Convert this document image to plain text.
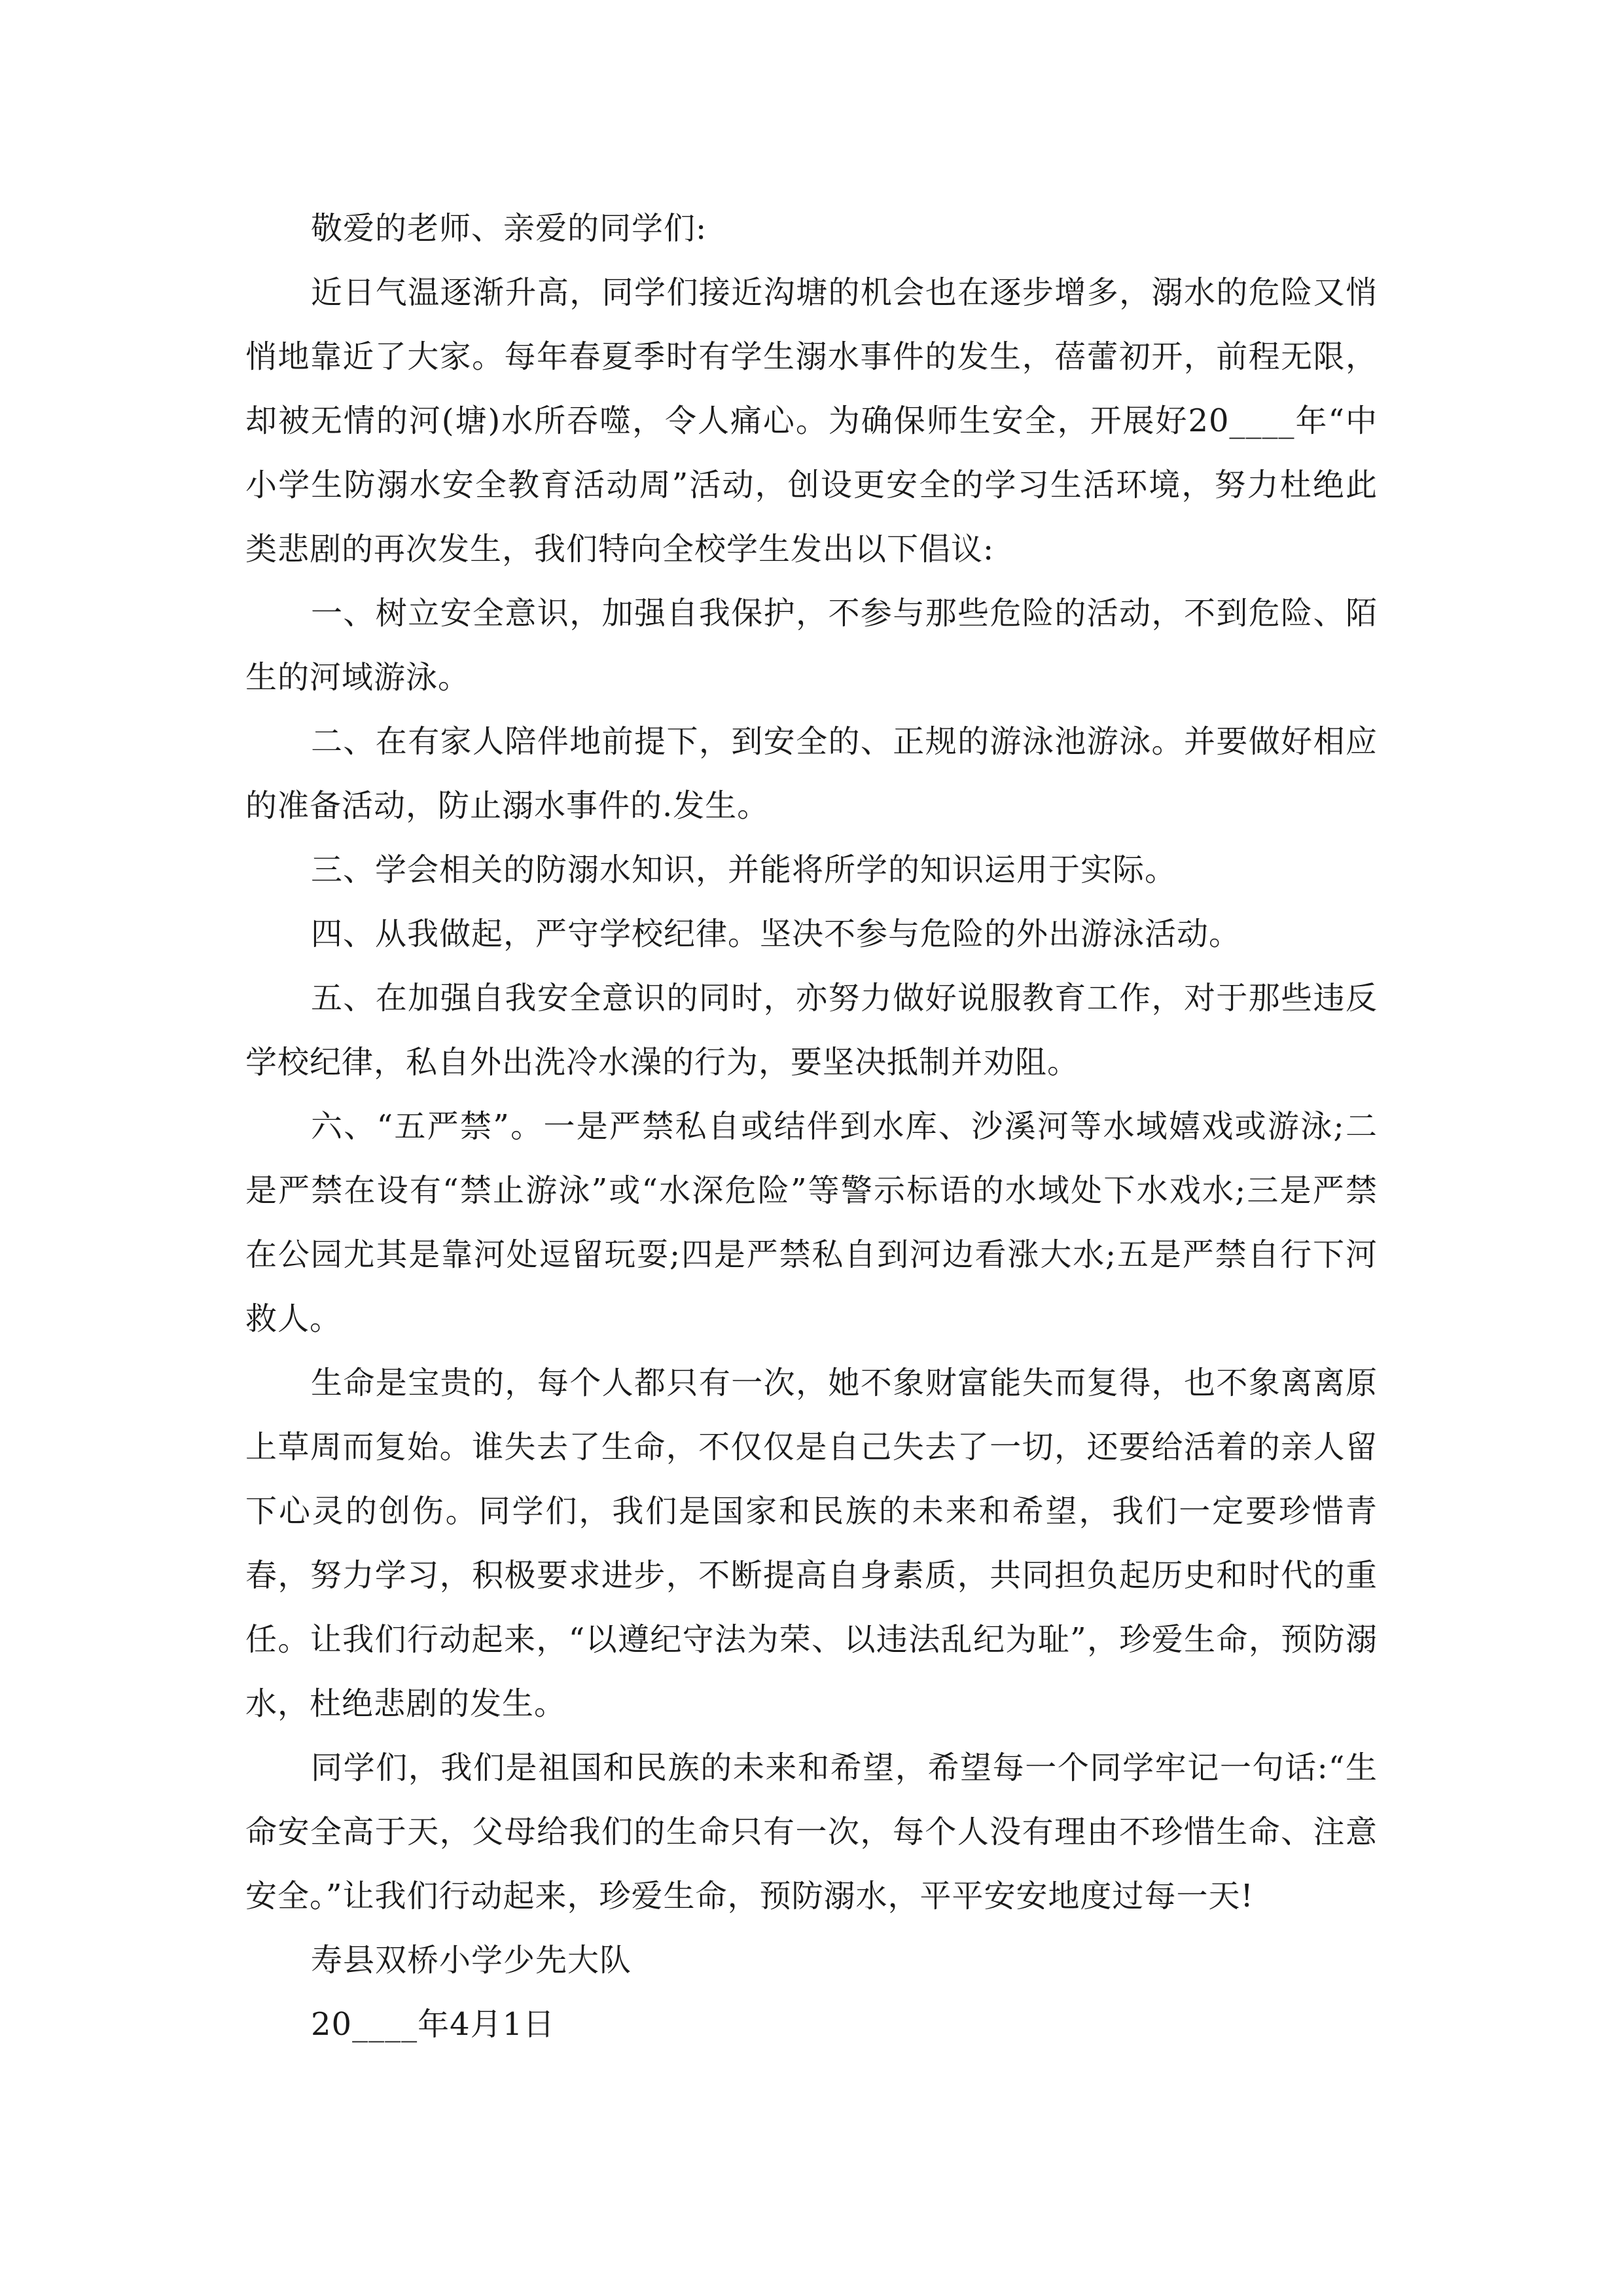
敬爱的老师、亲爱的同学们:

近日气温逐渐升高，同学们接近沟塘的机会也在逐步增多，溺水的危险又悄悄地靠近了大家。每年春夏季时有学生溺水事件的发生，蓓蕾初开，前程无限，却被无情的河(塘)水所吞噬，令人痛心。为确保师生安全，开展好20____年“中小学生防溺水安全教育活动周”活动，创设更安全的学习生活环境，努力杜绝此类悲剧的再次发生，我们特向全校学生发出以下倡议:

一、树立安全意识，加强自我保护，不参与那些危险的活动，不到危险、陌生的河域游泳。

二、在有家人陪伴地前提下，到安全的、正规的游泳池游泳。并要做好相应的准备活动，防止溺水事件的.发生。

三、学会相关的防溺水知识，并能将所学的知识运用于实际。

四、从我做起，严守学校纪律。坚决不参与危险的外出游泳活动。

五、在加强自我安全意识的同时，亦努力做好说服教育工作，对于那些违反学校纪律，私自外出洗冷水澡的行为，要坚决抵制并劝阻。

六、“五严禁”。一是严禁私自或结伴到水库、沙溪河等水域嬉戏或游泳;二是严禁在设有“禁止游泳”或“水深危险”等警示标语的水域处下水戏水;三是严禁在公园尤其是靠河处逗留玩耍;四是严禁私自到河边看涨大水;五是严禁自行下河救人。

生命是宝贵的，每个人都只有一次，她不象财富能失而复得，也不象离离原上草周而复始。谁失去了生命，不仅仅是自己失去了一切，还要给活着的亲人留下心灵的创伤。同学们，我们是国家和民族的未来和希望，我们一定要珍惜青春，努力学习，积极要求进步，不断提高自身素质，共同担负起历史和时代的重任。让我们行动起来，“以遵纪守法为荣、以违法乱纪为耻”，珍爱生命，预防溺水，杜绝悲剧的发生。

同学们，我们是祖国和民族的未来和希望，希望每一个同学牢记一句话:“生命安全高于天，父母给我们的生命只有一次，每个人没有理由不珍惜生命、注意安全。”让我们行动起来，珍爱生命，预防溺水，平平安安地度过每一天!

寿县双桥小学少先大队

20____年4月1日
